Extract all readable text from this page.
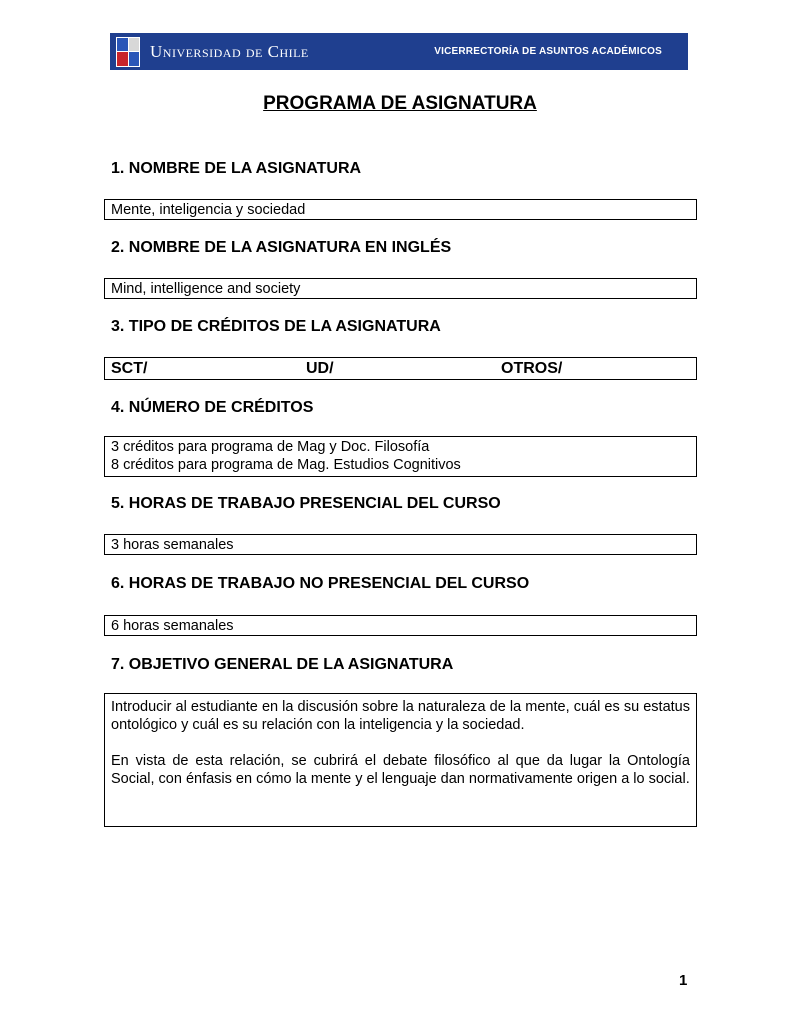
Universidad de Chile	VICERRECTORÍA DE ASUNTOS ACADÉMICOS
PROGRAMA DE ASIGNATURA
1. NOMBRE DE LA ASIGNATURA
Mente, inteligencia y sociedad
2. NOMBRE DE LA ASIGNATURA EN INGLÉS
Mind, intelligence and society
3. TIPO DE CRÉDITOS DE LA ASIGNATURA
SCT/	UD/	OTROS/
4. NÚMERO DE CRÉDITOS
3 créditos para programa de Mag y Doc. Filosofía
8 créditos para programa de Mag. Estudios Cognitivos
5. HORAS DE TRABAJO PRESENCIAL DEL CURSO
3 horas semanales
6. HORAS DE TRABAJO NO PRESENCIAL DEL CURSO
6 horas semanales
7. OBJETIVO GENERAL DE LA ASIGNATURA

Introducir al estudiante en la discusión sobre la naturaleza de la mente, cuál es su estatus ontológico y cuál es su relación con la inteligencia y la sociedad.

En vista de esta relación, se cubrirá el debate filosófico al que da lugar la Ontología Social, con énfasis en cómo la mente y el lenguaje dan normativamente origen a lo social.

1
